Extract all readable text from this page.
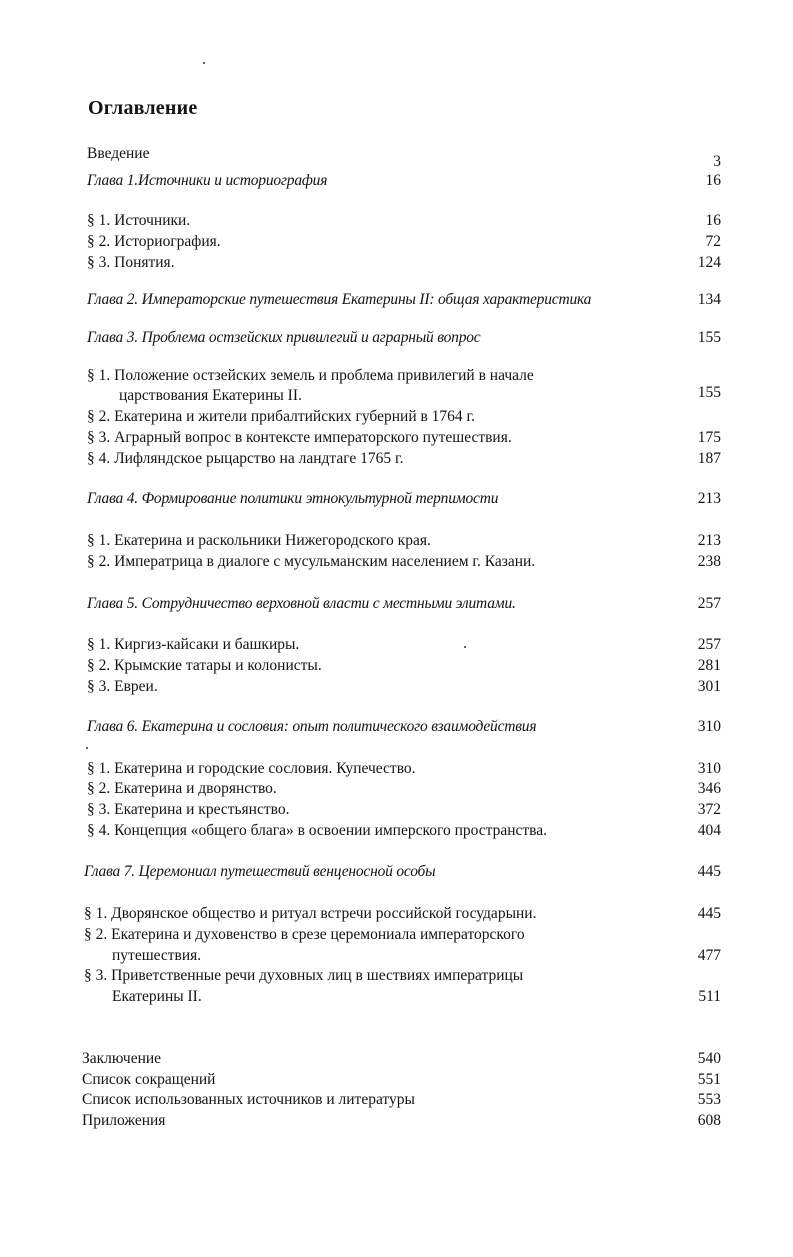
Оглавление
Введение	3
Глава 1.Источники и историография	16
§ 1. Источники.	16
§ 2. Историография.	72
§ 3. Понятия.	124
Глава 2. Императорские путешествия Екатерины II: общая характеристика	134
Глава 3. Проблема остзейских привилегий и аграрный вопрос	155
§ 1. Положение остзейских земель и проблема привилегий в начале
царствования Екатерины II.	155
§ 2. Екатерина и жители прибалтийских губерний в 1764 г.
§ 3. Аграрный вопрос в контексте императорского путешествия.	175
§ 4. Лифляндское рыцарство на ландтаге 1765 г.	187
Глава 4. Формирование политики этнокультурной терпимости	213
§ 1. Екатерина и раскольники Нижегородского края.	213
§ 2. Императрица в диалоге с мусульманским населением г. Казани.	238
Глава 5. Сотрудничество верховной власти с местными элитами.	257
§ 1. Киргиз-кайсаки и башкиры.	257
§ 2. Крымские татары и колонисты.	281
§ 3. Евреи.	301
Глава 6. Екатерина и сословия: опыт политического взаимодействия	310
§ 1. Екатерина и городские сословия. Купечество.	310
§ 2. Екатерина и дворянство.	346
§ 3. Екатерина и крестьянство.	372
§ 4. Концепция «общего блага» в освоении имперского пространства.	404
Глава 7. Церемониал путешествий венценосной особы	445
§ 1. Дворянское общество и ритуал встречи российской государыни.	445
§ 2. Екатерина и духовенство в срезе церемониала императорского
путешествия.	477
§ 3. Приветственные речи духовных лиц в шествиях императрицы
Екатерины II.	511
Заключение	540
Список сокращений	551
Список использованных источников и литературы	553
Приложения	608
